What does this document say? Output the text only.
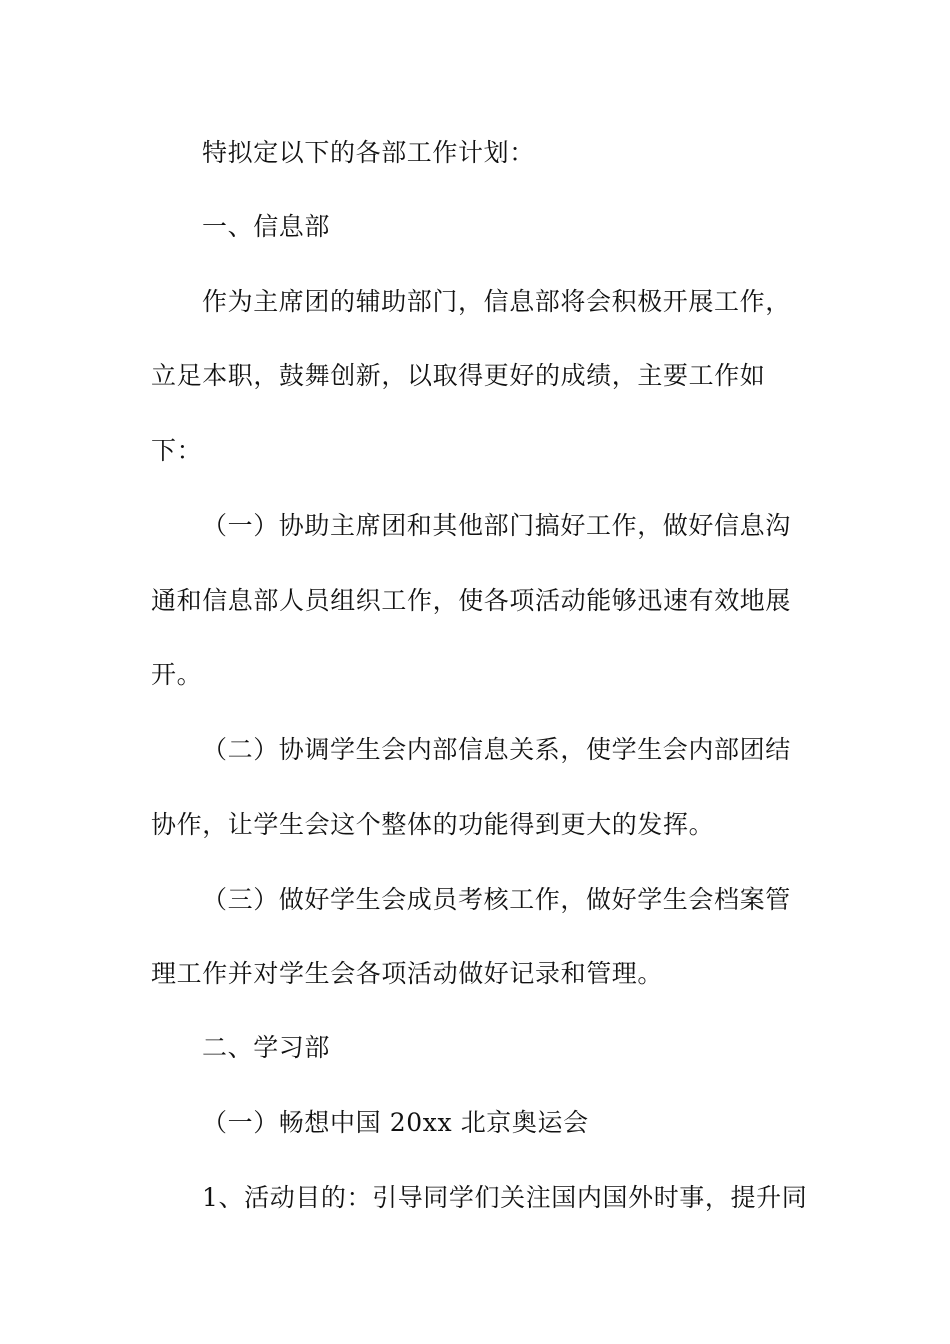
特拟定以下的各部工作计划：
一、信息部
作为主席团的辅助部门，信息部将会积极开展工作，
立足本职，鼓舞创新，以取得更好的成绩，主要工作如
下：
（一）协助主席团和其他部门搞好工作，做好信息沟
通和信息部人员组织工作，使各项活动能够迅速有效地展
开。
（二）协调学生会内部信息关系，使学生会内部团结
协作，让学生会这个整体的功能得到更大的发挥。
（三）做好学生会成员考核工作，做好学生会档案管
理工作并对学生会各项活动做好记录和管理。
二、学习部
（一）畅想中国 20xx 北京奥运会
1、活动目的：引导同学们关注国内国外时事，提升同
